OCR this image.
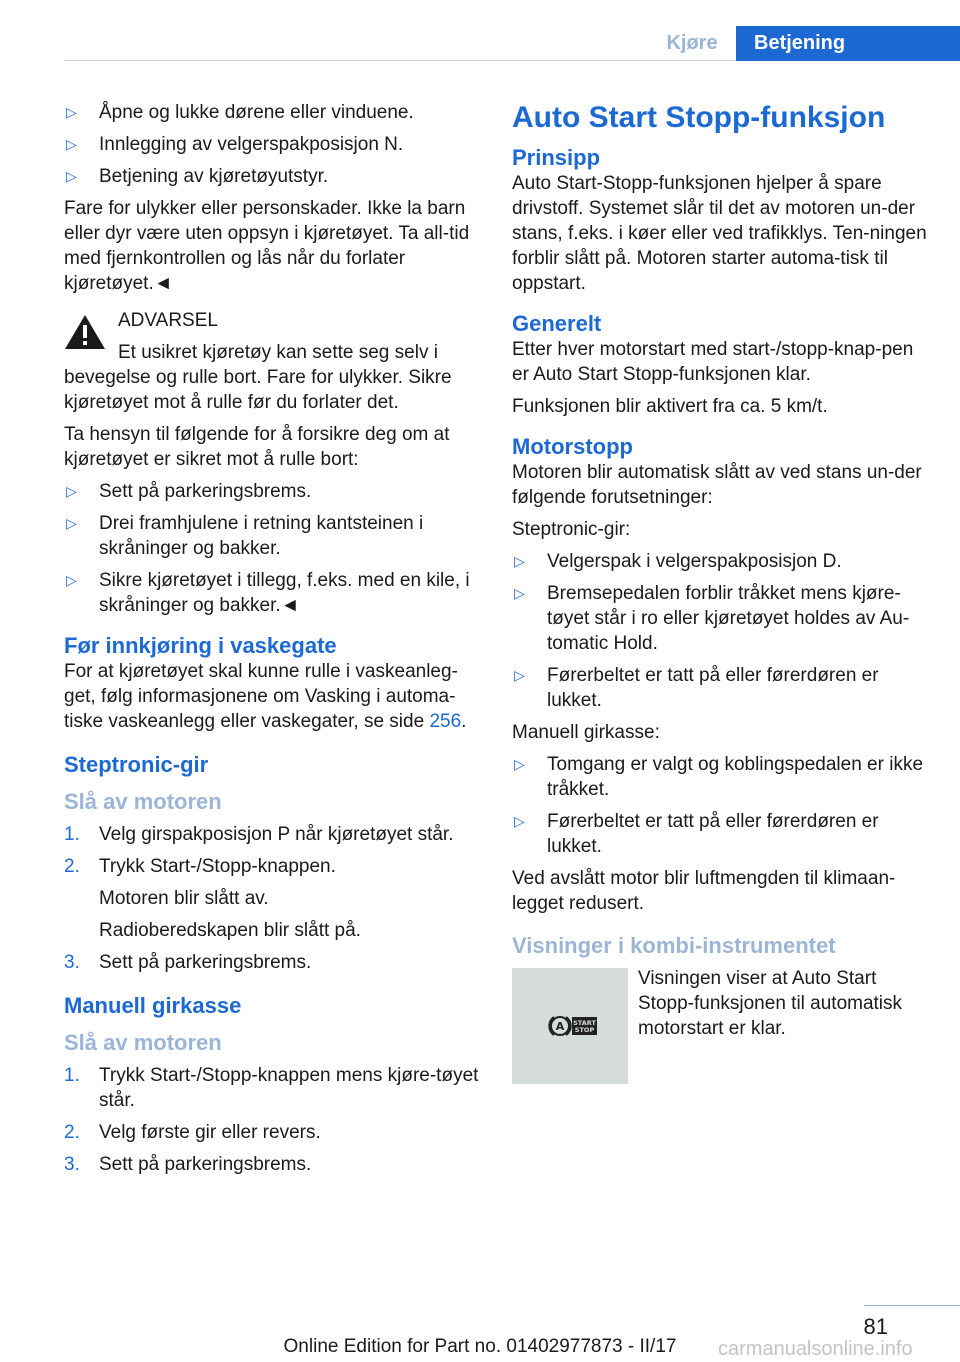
Kjøre	Betjening
▷ Åpne og lukke dørene eller vinduene.
▷ Innlegging av velgerspakposisjon N.
▷ Betjening av kjøretøyutstyr.

Fare for ulykker eller personskader. Ikke la barn eller dyr være uten oppsyn i kjøretøyet. Ta all‐tid med fjernkontrollen og lås når du forlater kjøretøyet.◄

ADVARSEL
Et usikret kjøretøy kan sette seg selv i

bevegelse og rulle bort. Fare for ulykker. Sikre kjøretøyet mot å rulle før du forlater det.

Ta hensyn til følgende for å forsikre deg om at kjøretøyet er sikret mot å rulle bort:

▷ Sett på parkeringsbrems.
▷ Drei framhjulene i retning kantsteinen i skråninger og bakker.
▷ Sikre kjøretøyet i tillegg, f.eks. med en kile, i skråninger og bakker.◄
Før innkjøring i vaskegate

For at kjøretøyet skal kunne rulle i vaskeanleg‐get, følg informasjonene om Vasking i automa‐tiske vaskeanlegg eller vaskegater, se side 256.

Steptronic-gir
Slå av motoren
1. Velg girspakposisjon P når kjøretøyet står.
2. Trykk Start-/Stopp-knappen.
Motoren blir slått av.
Radioberedskapen blir slått på.
3. Sett på parkeringsbrems.
Manuell girkasse
Slå av motoren
1. Trykk Start-/Stopp-knappen mens kjøre‐tøyet står.
2. Velg første gir eller revers.
3. Sett på parkeringsbrems.
Auto Start Stopp-funksjon
Prinsipp

Auto Start-Stopp-funksjonen hjelper å spare drivstoff. Systemet slår til det av motoren un‐der stans, f.eks. i køer eller ved trafikklys. Ten‐ningen forblir slått på. Motoren starter automa‐tisk til oppstart.

Generelt

Etter hver motorstart med start-/stopp-knap‐pen er Auto Start Stopp-funksjonen klar.

Funksjonen blir aktivert fra ca. 5 km/t.

Motorstopp

Motoren blir automatisk slått av ved stans un‐der følgende forutsetninger:

Steptronic-gir:

▷ Velgerspak i velgerspakposisjon D.
▷ Bremsepedalen forblir tråkket mens kjøre‐tøyet står i ro eller kjøretøyet holdes av Au‐tomatic Hold.
▷ Førerbeltet er tatt på eller førerdøren er lukket.

Manuell girkasse:

▷ Tomgang er valgt og koblingspedalen er ikke tråkket.
▷ Førerbeltet er tatt på eller førerdøren er lukket.

Ved avslått motor blir luftmengden til klimaan‐legget redusert.

Visninger i kombi-instrumentet
A START
STOP
Visningen viser at Auto Start Stopp-funksjonen til automatisk motorstart er klar.
81
Online Edition for Part no. 01402977873 - II/17	carmanualsonline.info
